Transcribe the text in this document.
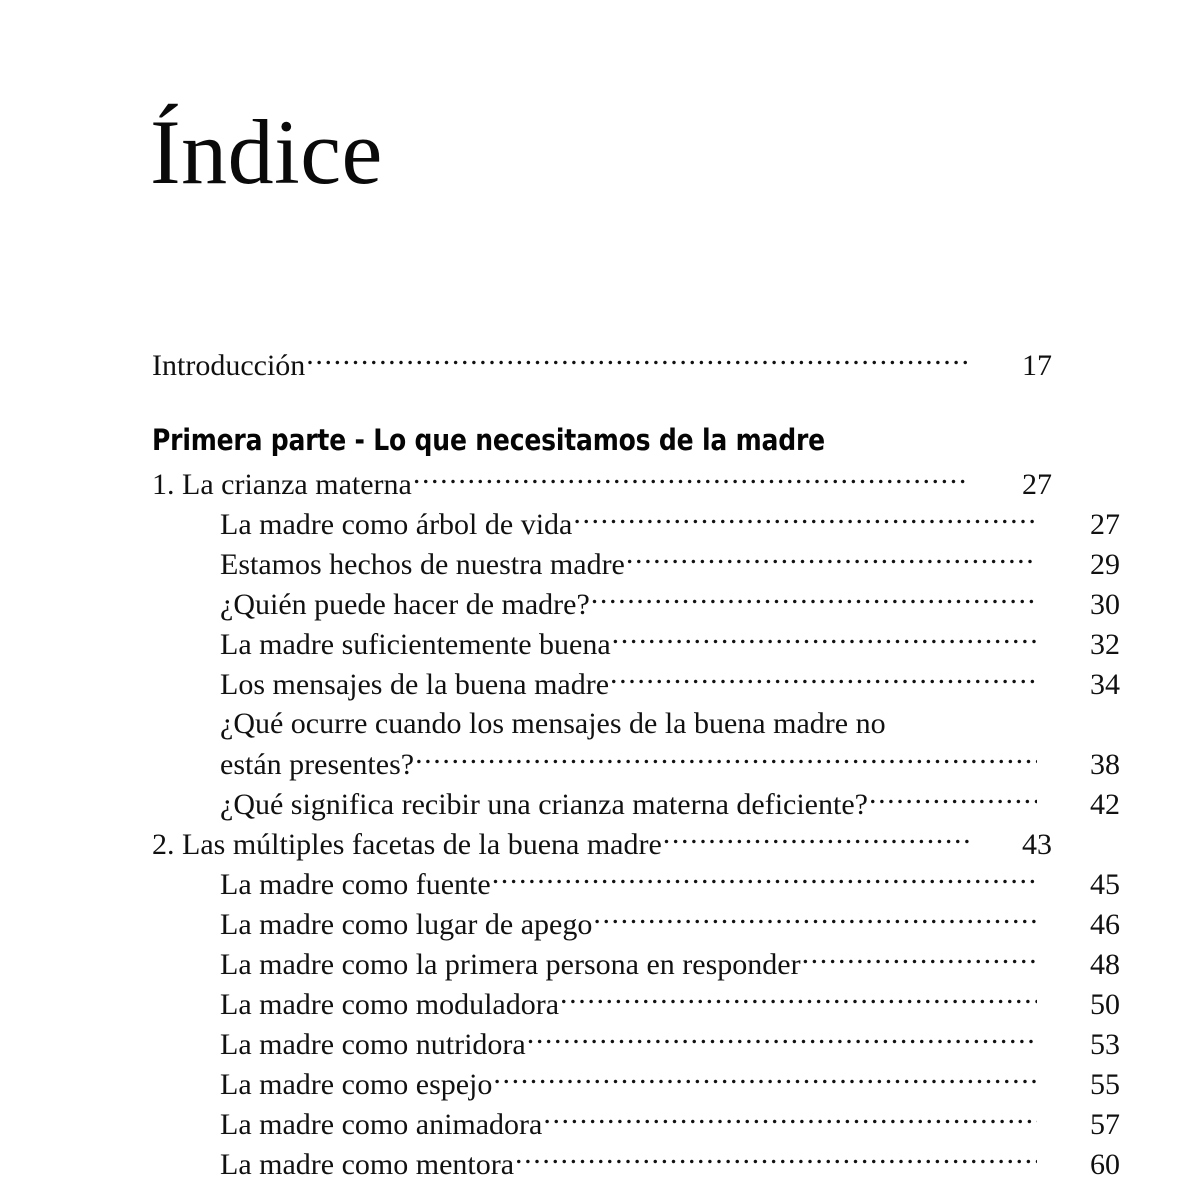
Índice
Introducción .....	17
Primera parte - Lo que necesitamos de la madre
1. La crianza materna .....	27
La madre como árbol de vida .....	27
Estamos hechos de nuestra madre .....	29
¿Quién puede hacer de madre? .....	30
La madre suficientemente buena .....	32
Los mensajes de la buena madre .....	34
¿Qué ocurre cuando los mensajes de la buena madre no
están presentes? .....	38
¿Qué significa recibir una crianza materna deficiente? .....	42
2. Las múltiples facetas de la buena madre .....	43
La madre como fuente .....	45
La madre como lugar de apego .....	46
La madre como la primera persona en responder .....	48
La madre como moduladora .....	50
La madre como nutridora .....	53
La madre como espejo .....	55
La madre como animadora .....	57
La madre como mentora .....	60
